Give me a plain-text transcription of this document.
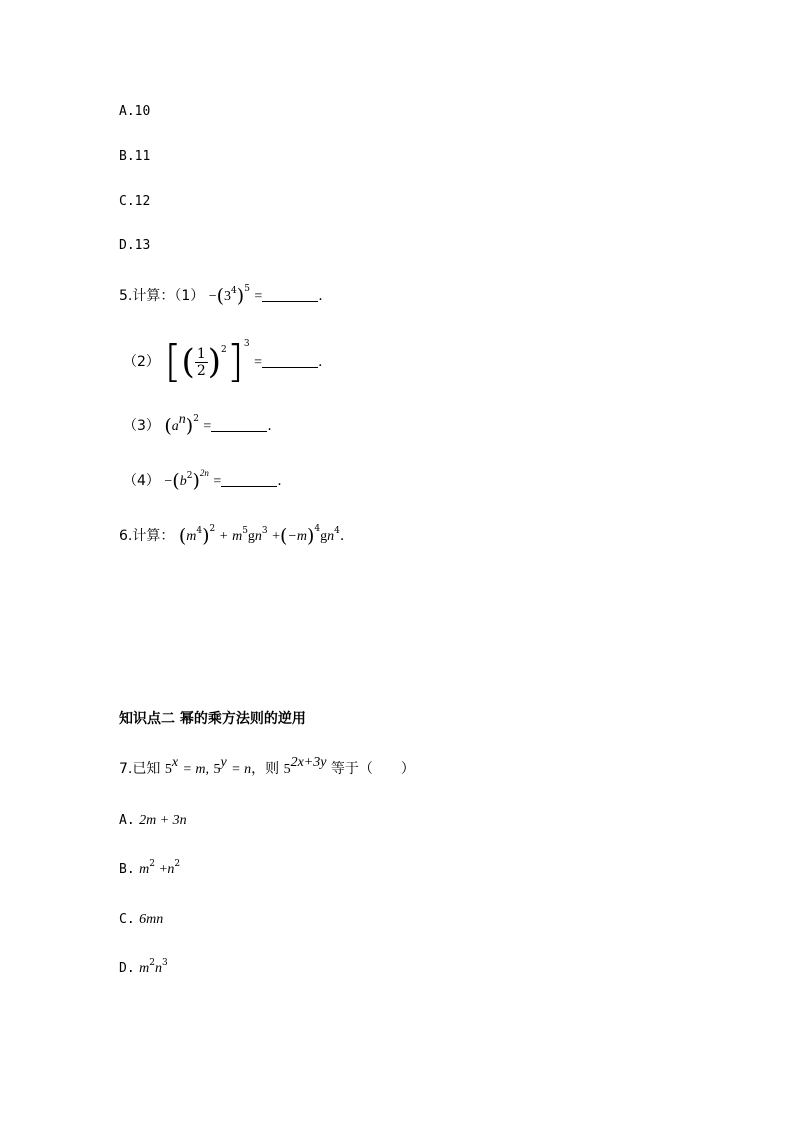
A.10
B.11
C.12
D.13
5.计算：$(1) -(3^4)^5$ =	.
（2） [( $\frac{1}{2} )^2]^3$ =	.
（3） $(a^n)^2$ =	.
$(4) -(b^2)^{2n}$ =	.
6.计算： $(m^4)^2 + m^5gn^3 +(-m)^4gn^4$.
知识点二 幂的乘方法则的逆用
7.已知 $5^x = m$, $5^y = n$，则 $5^{2x+3y}$ 等于（　　）
A. 2m + 3n
B. $m^2 +n^2$
C. 6mn
D. $m^2n^3$
